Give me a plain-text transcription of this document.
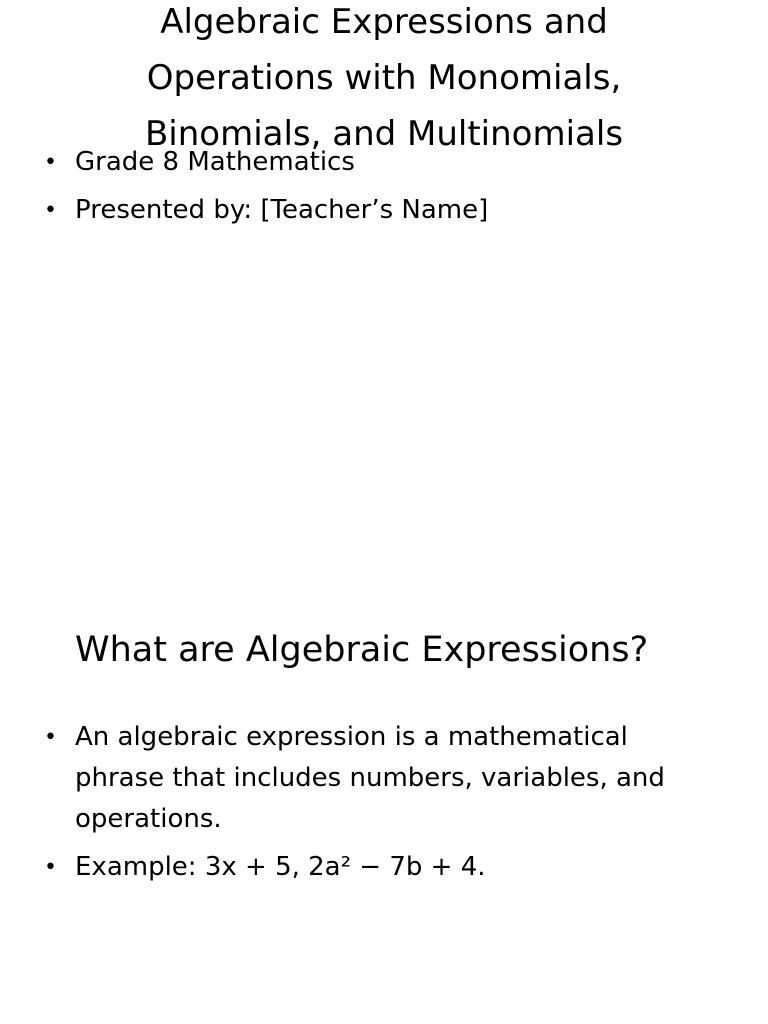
Algebraic Expressions and Operations with Monomials, Binomials, and Multinomials
• Grade 8 Mathematics
• Presented by: [Teacher’s Name]
What are Algebraic Expressions?
• An algebraic expression is a mathematical phrase that includes numbers, variables, and operations.
• Example: 3x + 5, 2a² − 7b + 4.
